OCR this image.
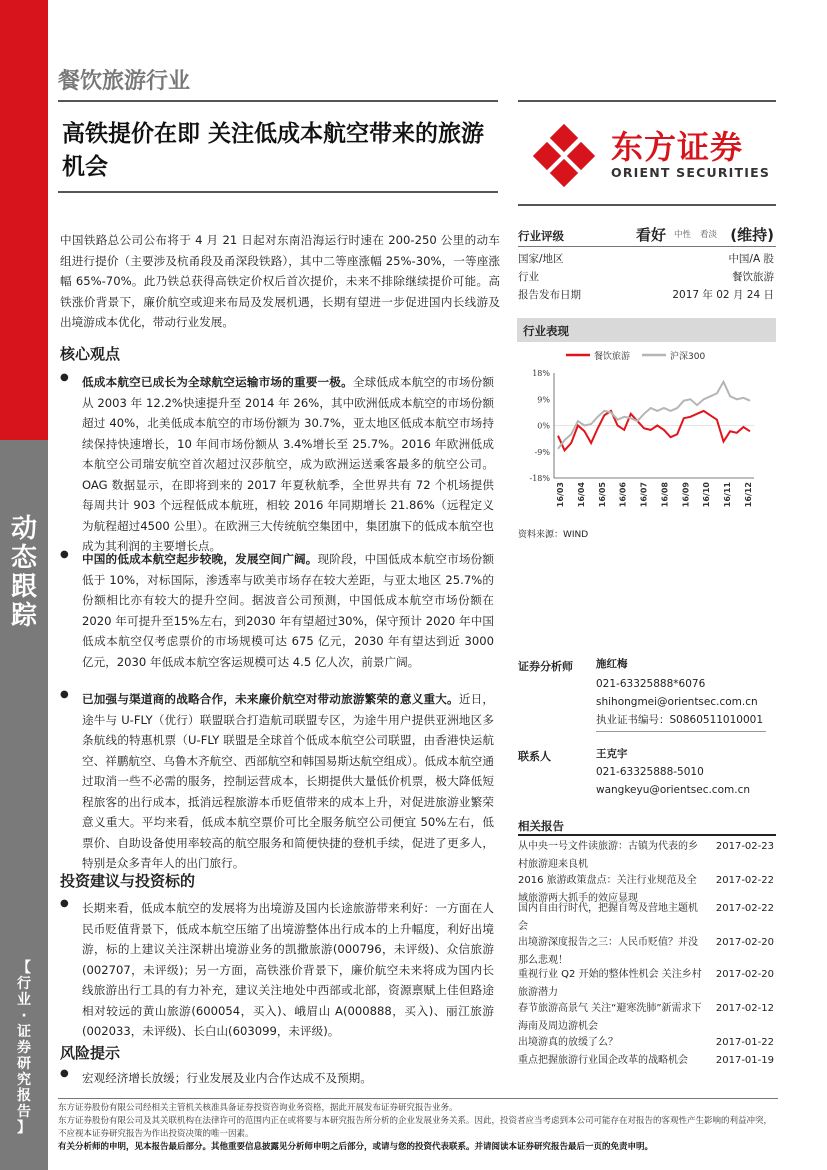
动
态
跟
踪
【
行
业
·
证
券
研
究
报
告
】
餐饮旅游行业
高铁提价在即 关注低成本航空带来的旅游机会
东方证券
ORIENT SECURITIES
中国铁路总公司公布将于 4 月 21 日起对东南沿海运行时速在 200-250 公里的动车组进行提价（主要涉及杭甬段及甬深段铁路），其中二等座涨幅 25%-30%，一等座涨幅 65%-70%。此乃铁总获得高铁定价权后首次提价，未来不排除继续提价可能。高铁涨价背景下，廉价航空或迎来布局及发展机遇，长期有望进一步促进国内长线游及出境游成本优化，带动行业发展。
核心观点
● 低成本航空已成长为全球航空运输市场的重要一极。全球低成本航空的市场份额从 2003 年 12.2%快速提升至 2014 年 26%，其中欧洲低成本航空的市场份额超过 40%，北美低成本航空的市场份额为 30.7%，亚太地区低成本航空市场持续保持快速增长，10 年间市场份额从 3.4%增长至 25.7%。2016 年欧洲低成本航空公司瑞安航空首次超过汉莎航空，成为欧洲运送乘客最多的航空公司。OAG 数据显示，在即将到来的 2017 年夏秋航季，全世界共有 72 个机场提供每周共计 903 个远程低成本航班，相较 2016 年同期增长 21.86%（远程定义为航程超过4500 公里）。在欧洲三大传统航空集团中，集团旗下的低成本航空也成为其利润的主要增长点。
● 中国的低成本航空起步较晚，发展空间广阔。现阶段，中国低成本航空市场份额低于 10%，对标国际，渗透率与欧美市场存在较大差距，与亚太地区 25.7%的份额相比亦有较大的提升空间。据波音公司预测，中国低成本航空市场份额在 2020 年可提升至15%左右，到2030 年有望超过30%，保守预计 2020 年中国低成本航空仅考虑票价的市场规模可达 675 亿元，2030 年有望达到近 3000 亿元，2030 年低成本航空客运规模可达 4.5 亿人次，前景广阔。
● 已加强与渠道商的战略合作，未来廉价航空对带动旅游繁荣的意义重大。近日，途牛与 U-FLY（优行）联盟联合打造航司联盟专区，为途牛用户提供亚洲地区多条航线的特惠机票（U-FLY 联盟是全球首个低成本航空公司联盟，由香港快运航空、祥鹏航空、乌鲁木齐航空、西部航空和韩国易斯达航空组成）。低成本航空通过取消一些不必需的服务，控制运营成本，长期提供大量低价机票，极大降低短程旅客的出行成本，抵消远程旅游本币贬值带来的成本上升，对促进旅游业繁荣意义重大。平均来看，低成本航空票价可比全服务航空公司便宜 50%左右，低票价、自助设备使用率较高的航空服务和简便快捷的登机手续，促进了更多人，特别是众多青年人的出门旅行。
投资建议与投资标的
● 长期来看，低成本航空的发展将为出境游及国内长途旅游带来利好：一方面在人民币贬值背景下，低成本航空压缩了出境游整体出行成本的上升幅度，利好出境游，标的上建议关注深耕出境游业务的凯撒旅游(000796，未评级)、众信旅游(002707，未评级)；另一方面，高铁涨价背景下，廉价航空未来将成为国内长线旅游出行工具的有力补充，建议关注地处中西部或北部，资源禀赋上佳但路途相对较远的黄山旅游(600054，买入)、峨眉山 A(000888，买入)、丽江旅游(002033，未评级)、长白山(603099，未评级)。
风险提示
● 宏观经济增长放缓；行业发展及业内合作达成不及预期。
行业评级	看好 中性 看淡 (维持)
国家/地区	中国/A 股
行业	餐饮旅游
报告发布日期	2017 年 02 月 24 日
行业表现
餐饮旅游	沪深300
18%
9%
0%
-9%
-18%
16/03 16/04 16/05 16/06 16/07 16/08 16/09 16/10 16/11 16/12
资料来源：WIND
证券分析师 施红梅
021-63325888*6076
shihongmei@orientsec.com.cn
执业证书编号：S0860511010001
联系人	王克宇
021-63325888-5010
wangkeyu@orientsec.com.cn
相关报告
从中央一号文件读旅游：古镇为代表的乡村旅游迎来良机
2017-02-23
2016 旅游政策盘点：关注行业规范及全域旅游两大抓手的效应显现
2017-02-22
国内自由行时代，把握自驾及营地主题机会
2017-02-22
出境游深度报告之三：人民币贬值？并没那么悲观！
2017-02-20
重视行业 Q2 开始的整体性机会 关注乡村旅游潜力
2017-02-20
春节旅游高景气 关注“避寒洗肺”新需求下海南及周边游机会
2017-02-12
出境游真的放缓了么？	2017-01-22
重点把握旅游行业国企改革的战略机会	2017-01-19
东方证券股份有限公司经相关主管机关核准具备证券投资咨询业务资格，据此开展发布证券研究报告业务。
东方证券股份有限公司及其关联机构在法律许可的范围内正在或将要与本研究报告所分析的企业发展业务关系。因此，投资者应当考虑到本公司可能存在对报告的客观性产生影响的利益冲突，不应视本证券研究报告为作出投资决策的唯一因素。
有关分析师的申明，见本报告最后部分。其他重要信息披露见分析师申明之后部分，或请与您的投资代表联系。并请阅读本证券研究报告最后一页的免责申明。
